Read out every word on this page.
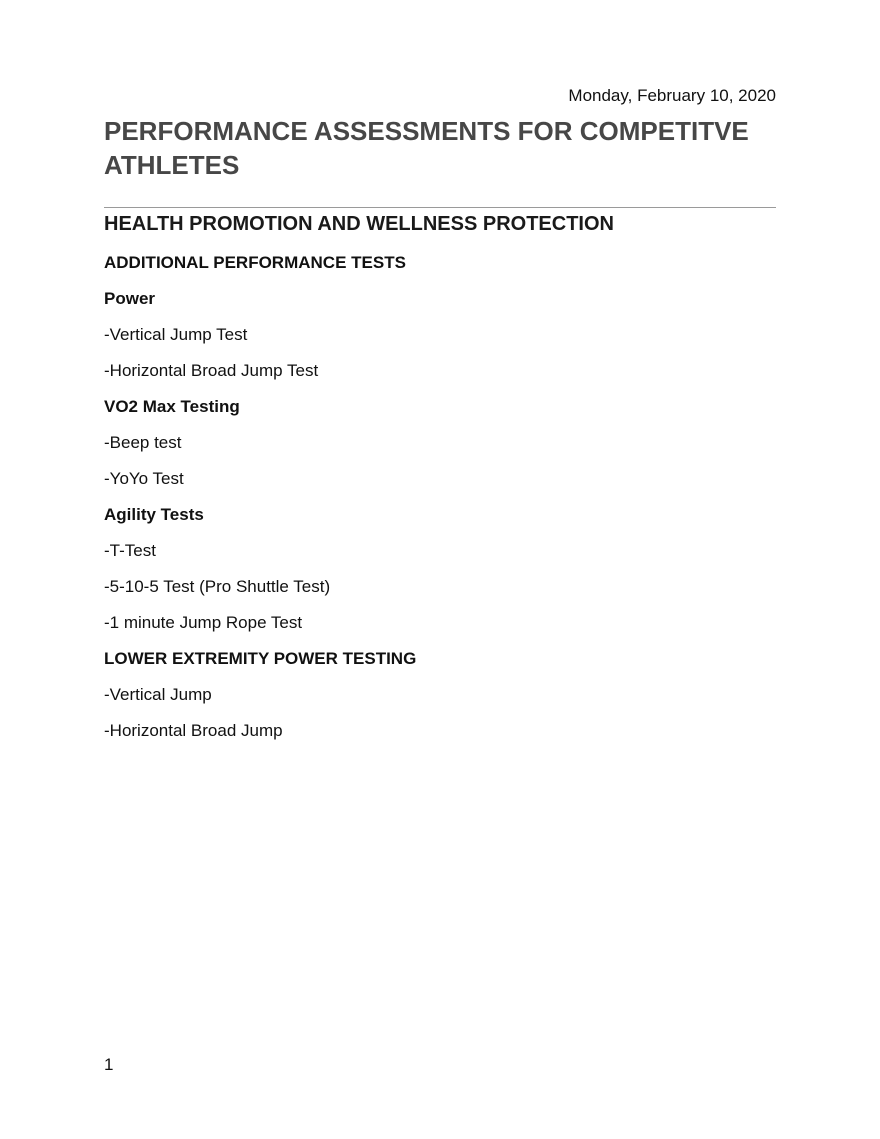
Monday, February 10, 2020
PERFORMANCE ASSESSMENTS FOR COMPETITVE ATHLETES
HEALTH PROMOTION AND WELLNESS PROTECTION

ADDITIONAL PERFORMANCE TESTS

Power

-Vertical Jump Test

-Horizontal Broad Jump Test

VO2 Max Testing

-Beep test

-YoYo Test

Agility Tests

-T-Test

-5-10-5 Test (Pro Shuttle Test)

-1 minute Jump Rope Test

LOWER EXTREMITY POWER TESTING

-Vertical Jump

-Horizontal Broad Jump

1
